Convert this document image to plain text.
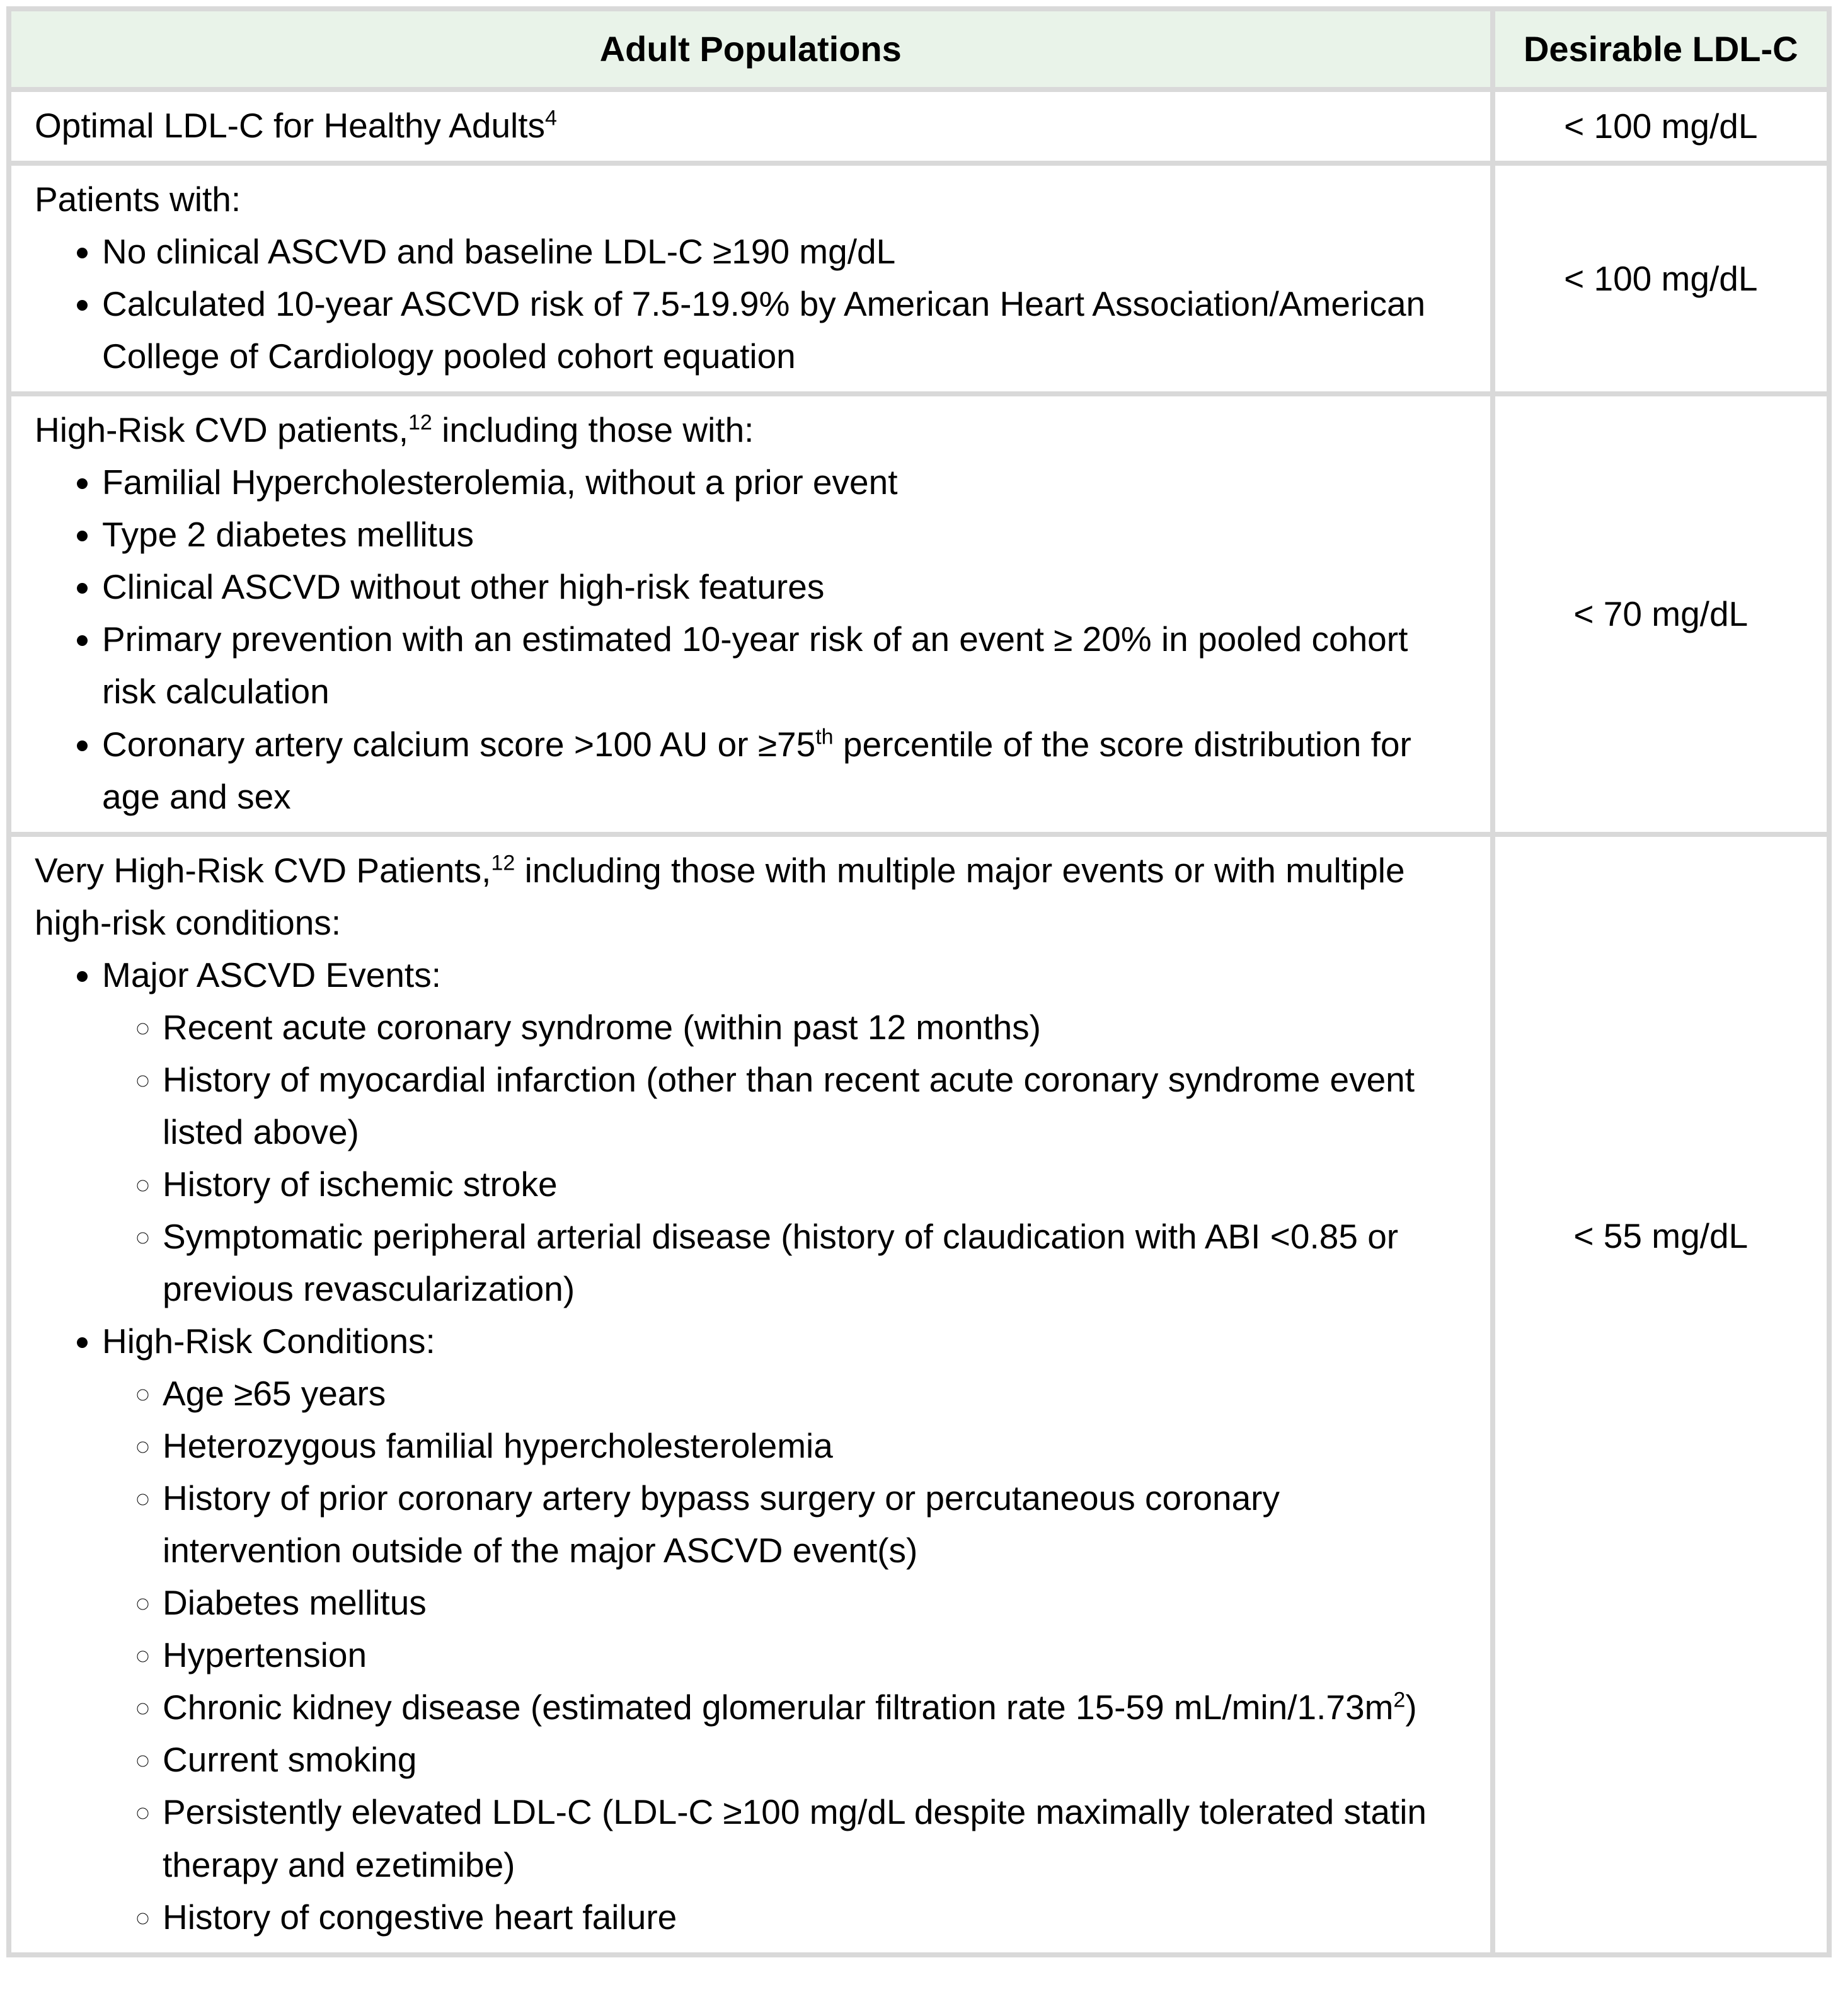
Adult Populations	Desirable LDL-C

Optimal LDL-C for Healthy Adults$^4$	< 100 mg/dL

Patients with:

• No clinical ASCVD and baseline LDL-C ≥190 mg/dL
• Calculated 10-year ASCVD risk of 7.5-19.9% by American Heart Association/American College of Cardiology pooled cohort equation
	< 100 mg/dL

High-Risk CVD patients,$^{12}$ including those with:

• Familial Hypercholesterolemia, without a prior event
• Type 2 diabetes mellitus
• Clinical ASCVD without other high-risk features
• Primary prevention with an estimated 10-year risk of an event ≥ 20% in pooled cohort risk calculation
• Coronary artery calcium score >100 AU or ≥75th percentile of the score distribution for age and sex
	< 70 mg/dL

Very High-Risk CVD Patients,$^{12}$ including those with multiple major events or with multiple high-risk conditions:

• Major ASCVD Events:
◦ Recent acute coronary syndrome (within past 12 months)
◦ History of myocardial infarction (other than recent acute coronary syndrome event listed above)
◦ History of ischemic stroke
◦ Symptomatic peripheral arterial disease (history of claudication with ABI <0.85 or previous revascularization)
• High-Risk Conditions:
◦ Age ≥65 years
◦ Heterozygous familial hypercholesterolemia
◦ History of prior coronary artery bypass surgery or percutaneous coronary intervention outside of the major ASCVD event(s)
◦ Diabetes mellitus
◦ Hypertension
◦ Chronic kidney disease (estimated glomerular filtration rate 15-59 mL/min/1.73m$^2$)
◦ Current smoking
◦ Persistently elevated LDL-C (LDL-C ≥100 mg/dL despite maximally tolerated statin therapy and ezetimibe)
◦ History of congestive heart failure
	< 55 mg/dL
